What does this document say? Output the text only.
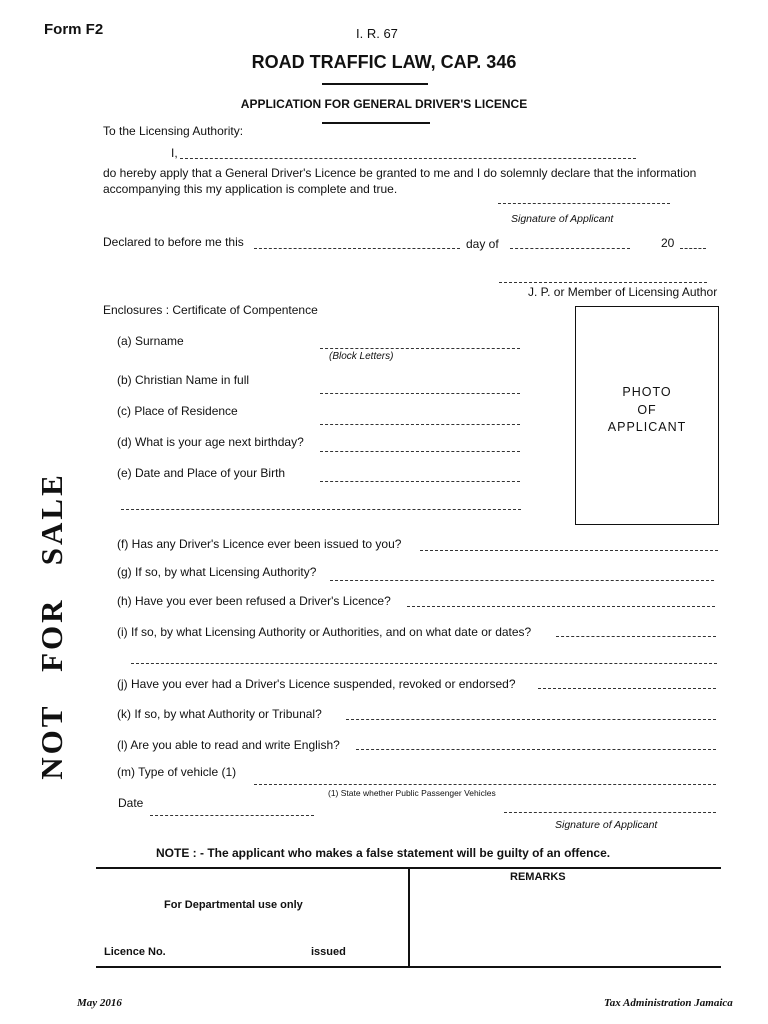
Form F2	I. R. 67
ROAD TRAFFIC LAW, CAP. 346
APPLICATION FOR GENERAL DRIVER'S LICENCE
To the Licensing Authority:
I,
do hereby apply that a General Driver's Licence be granted to me and I do solemnly declare that the information
accompanying this my application is complete and true.
Signature of Applicant
Declared to before me this	day of	20
J. P. or Member of Licensing Author
Enclosures : Certificate of Compentence
PHOTO
OF
APPLICANT
(a) Surname
(Block Letters)
(b) Christian Name in full
(c) Place of Residence
(d) What is your age next birthday?
(e) Date and Place of your Birth
(f) Has any Driver's Licence ever been issued to you?
(g) If so, by what Licensing Authority?
(h) Have you ever been refused a Driver's Licence?
(i) If so, by what Licensing Authority or Authorities, and on what date or dates?
(j) Have you ever had a Driver's Licence suspended, revoked or endorsed?
(k) If so, by what Authority or Tribunal?
(l) Are you able to read and write English?
(m) Type of vehicle (1)
(1) State whether Public Passenger Vehicles
Date
Signature of Applicant
NOTE : - The applicant who makes a false statement will be guilty of an offence.
REMARKS
For Departmental use only
Licence No.	issued
NOT   FOR   SALE
May 2016	Tax Administration Jamaica
